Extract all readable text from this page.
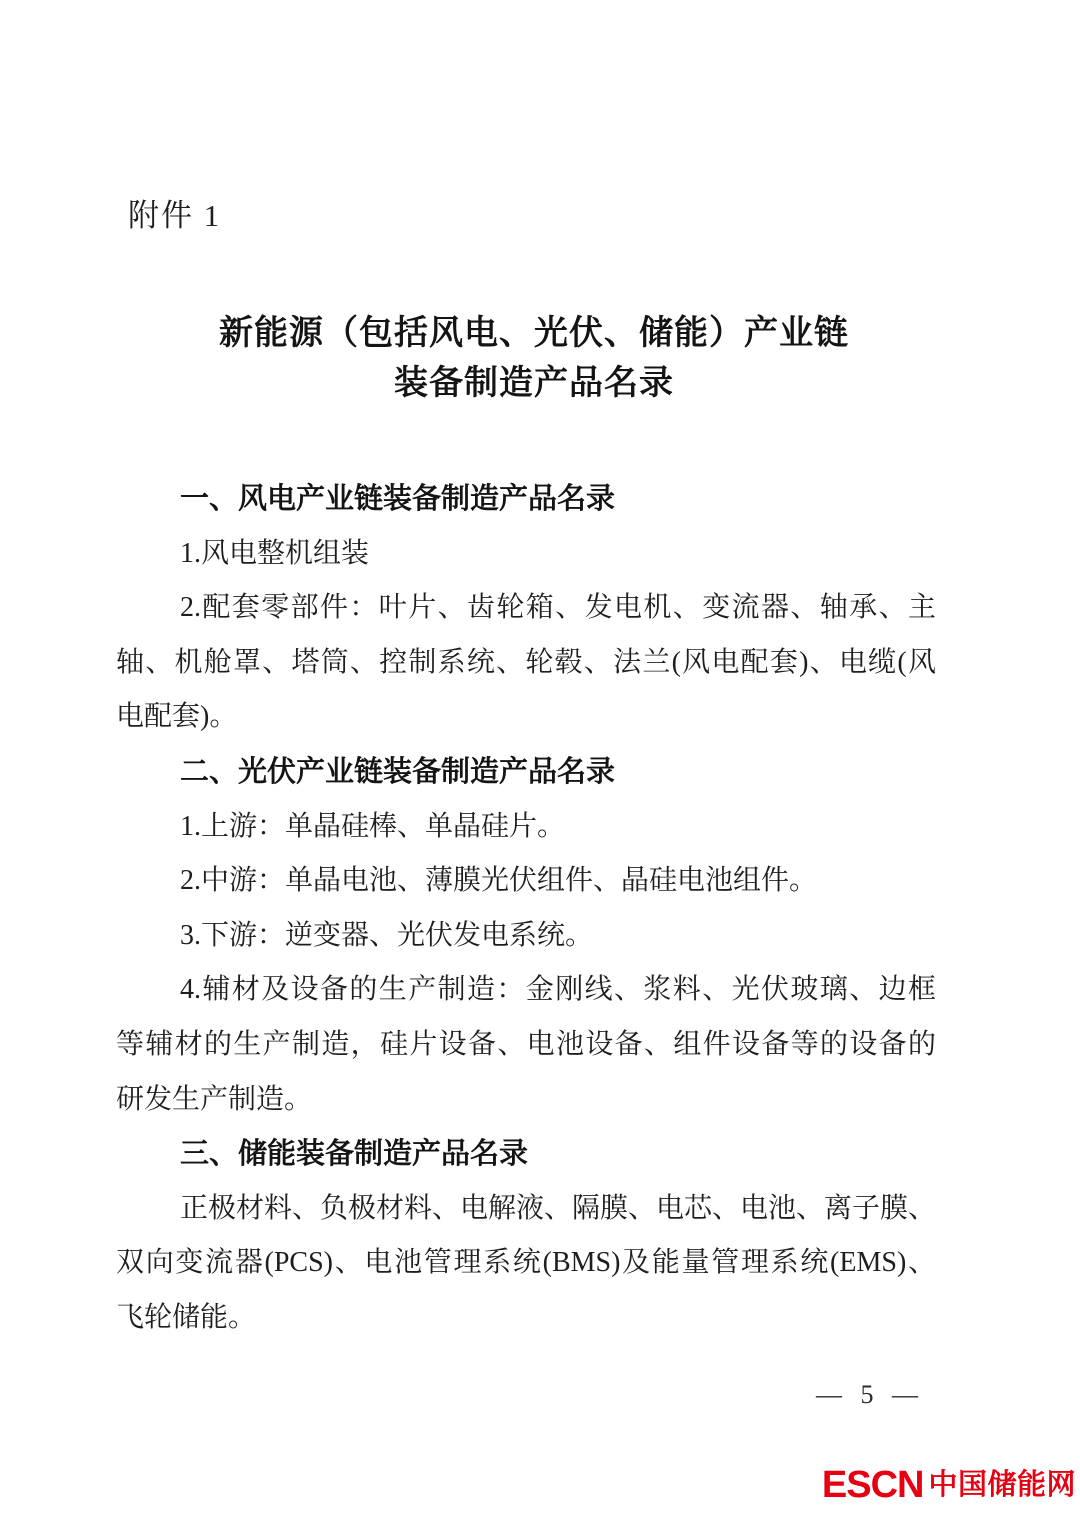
附件 1
新能源（包括风电、光伏、储能）产业链
装备制造产品名录
一、风电产业链装备制造产品名录
1.风电整机组装
2.配套零部件：叶片、齿轮箱、发电机、变流器、轴承、主
轴、机舱罩、塔筒、控制系统、轮毂、法兰(风电配套)、电缆(风
电配套)。
二、光伏产业链装备制造产品名录
1.上游：单晶硅棒、单晶硅片。
2.中游：单晶电池、薄膜光伏组件、晶硅电池组件。
3.下游：逆变器、光伏发电系统。
4.辅材及设备的生产制造：金刚线、浆料、光伏玻璃、边框
等辅材的生产制造，硅片设备、电池设备、组件设备等的设备的
研发生产制造。
三、储能装备制造产品名录
正极材料、负极材料、电解液、隔膜、电芯、电池、离子膜、
双向变流器(PCS)、电池管理系统(BMS)及能量管理系统(EMS)、
飞轮储能。
— 5 —
ESCN 中国储能网
